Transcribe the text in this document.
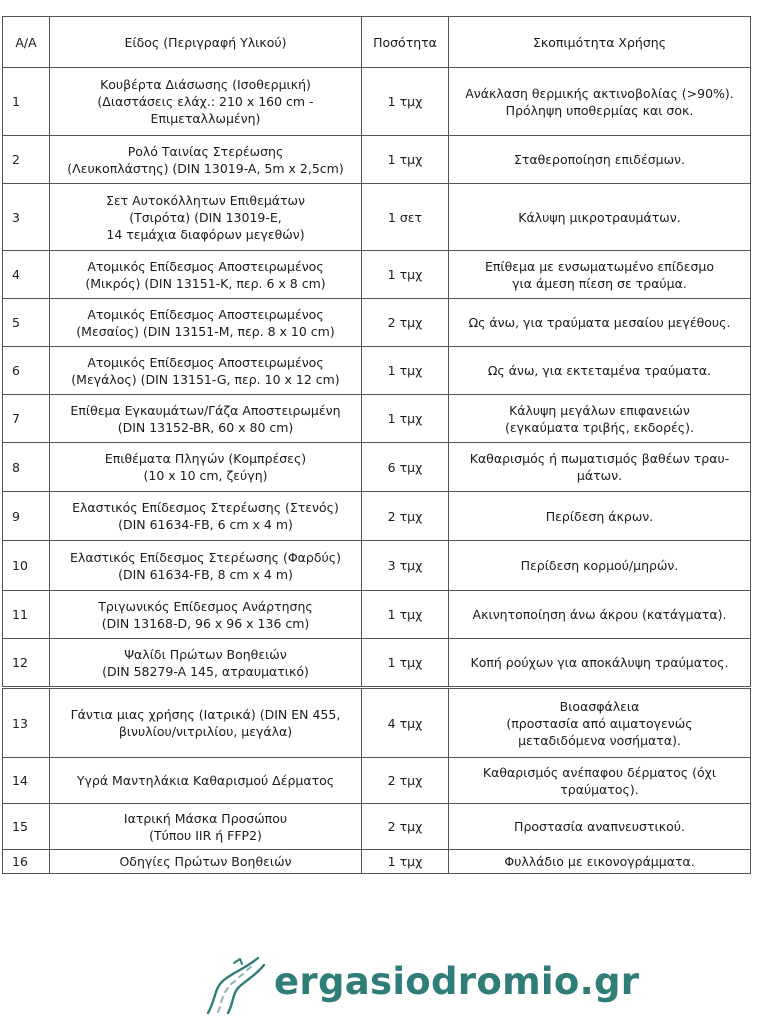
Α/Α	Είδος (Περιγραφή Υλικού)	Ποσότητα	Σκοπιμότητα Χρήσης
1	Κουβέρτα Διάσωσης (Ισοθερμική)
(Διαστάσεις ελάχ.: 210 x 160 cm -
Επιμεταλλωμένη)	1 τμχ	Ανάκλαση θερμικής ακτινοβολίας (>90%).
Πρόληψη υποθερμίας και σοκ.
2	Ρολό Ταινίας Στερέωσης
(Λευκοπλάστης) (DIN 13019-A, 5m x 2,5cm)	1 τμχ	Σταθεροποίηση επιδέσμων.
3	Σετ Αυτοκόλλητων Επιθεμάτων
(Τσιρότα) (DIN 13019-E,
14 τεμάχια διαφόρων μεγεθών)	1 σετ	Κάλυψη μικροτραυμάτων.
4	Ατομικός Επίδεσμος Αποστειρωμένος
(Μικρός) (DIN 13151-K, περ. 6 x 8 cm)	1 τμχ	Επίθεμα με ενσωματωμένο επίδεσμο
για άμεση πίεση σε τραύμα.
5	Ατομικός Επίδεσμος Αποστειρωμένος
(Μεσαίος) (DIN 13151-M, περ. 8 x 10 cm)	2 τμχ	Ως άνω, για τραύματα μεσαίου μεγέθους.
6	Ατομικός Επίδεσμος Αποστειρωμένος
(Μεγάλος) (DIN 13151-G, περ. 10 x 12 cm)	1 τμχ	Ως άνω, για εκτεταμένα τραύματα.
7	Επίθεμα Εγκαυμάτων/Γάζα Αποστειρωμένη
(DIN 13152-BR, 60 x 80 cm)	1 τμχ	Κάλυψη μεγάλων επιφανειών
(εγκαύματα τριβής, εκδορές).
8	Επιθέματα Πληγών (Κομπρέσες)
(10 x 10 cm, ζεύγη)	6 τμχ	Καθαρισμός ή πωματισμός βαθέων τραυ-
μάτων.
9	Ελαστικός Επίδεσμος Στερέωσης (Στενός)
(DIN 61634-FB, 6 cm x 4 m)	2 τμχ	Περίδεση άκρων.
10	Ελαστικός Επίδεσμος Στερέωσης (Φαρδύς)
(DIN 61634-FB, 8 cm x 4 m)	3 τμχ	Περίδεση κορμού/μηρών.
11	Τριγωνικός Επίδεσμος Ανάρτησης
(DIN 13168-D, 96 x 96 x 136 cm)	1 τμχ	Ακινητοποίηση άνω άκρου (κατάγματα).
12	Ψαλίδι Πρώτων Βοηθειών
(DIN 58279-A 145, ατραυματικό)	1 τμχ	Κοπή ρούχων για αποκάλυψη τραύματος.
13	Γάντια μιας χρήσης (Ιατρικά) (DIN EN 455,
βινυλίου/νιτριλίου, μεγάλα)	4 τμχ	Βιοασφάλεια
(προστασία από αιματογενώς
μεταδιδόμενα νοσήματα).
14	Υγρά Μαντηλάκια Καθαρισμού Δέρματος	2 τμχ	Καθαρισμός ανέπαφου δέρματος (όχι
τραύματος).
15	Ιατρική Μάσκα Προσώπου
(Τύπου IIR ή FFP2)	2 τμχ	Προστασία αναπνευστικού.
16	Οδηγίες Πρώτων Βοηθειών	1 τμχ	Φυλλάδιο με εικονογράμματα.
ergasiodromio.gr
